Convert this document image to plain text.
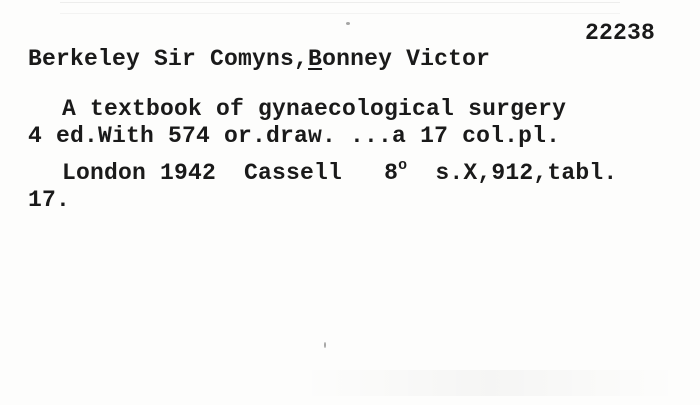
22238
Berkeley Sir Comyns,Bonney Victor
A textbook of gynaecological surgery
4 ed.With 574 or.draw. ...a 17 col.pl.
London 1942 Cassell 8$^o$ s.X,912,tabl.
17.
